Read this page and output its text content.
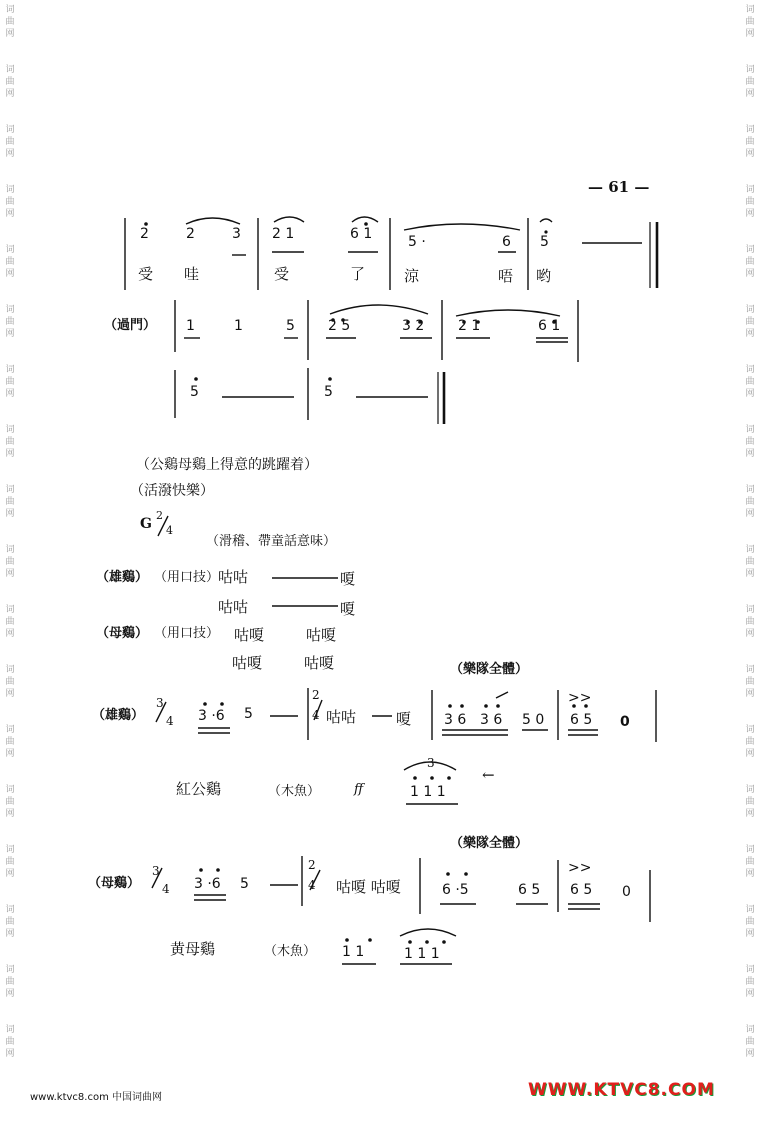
词
曲
网
词
曲
网
词
曲
网
词
曲
网
词
曲
网
词
曲
网
词
曲
网
词
曲
网
词
曲
网
词
曲
网
词
曲
网
词
曲
网
词
曲
网
词
曲
网
词
曲
网
词
曲
网
词
曲
网
词
曲
网
词
曲
网
词
曲
网
词
曲
网
词
曲
网
词
曲
网
词
曲
网
词
曲
网
词
曲
网
词
曲
网
词
曲
网
词
曲
网
词
曲
网
词
曲
网
词
曲
网
词
曲
网
词
曲
网
词
曲
网
词
曲
网
— 61 —
2	2	3 2 1	6 1	5 ·	6 5
受 哇	受	了	涼	唔 哟
（過門） 1	1	5 2 5	3 2 2 1	6 1
5	5
（公鷄母鷄上得意的跳躍着）
（活潑快樂）
G
2
4
（滑稽、帶童話意味）
（雄鷄） （用口技）
咕咕	嗄
咕咕	嗄
（母鷄） （用口技） 咕嗄	咕嗄
咕嗄	咕嗄	（樂隊全體）
（雄鷄）
3
4 3 ·6 5
2
4 咕咕	嗄 3 6 3 6 5 0 6 5 0
>>
紅公鷄	（木魚）	ff
3
1 1 1
←
（樂隊全體）
（母鷄）
3
4 3 ·6 5
2
4 咕嗄 咕嗄	6 ·5	6 5 6 5 0
>>
黄母鷄	（木魚） 1 1	1 1 1
www.ktvc8.com 中国词曲网	WWW.KTVC8.COM
